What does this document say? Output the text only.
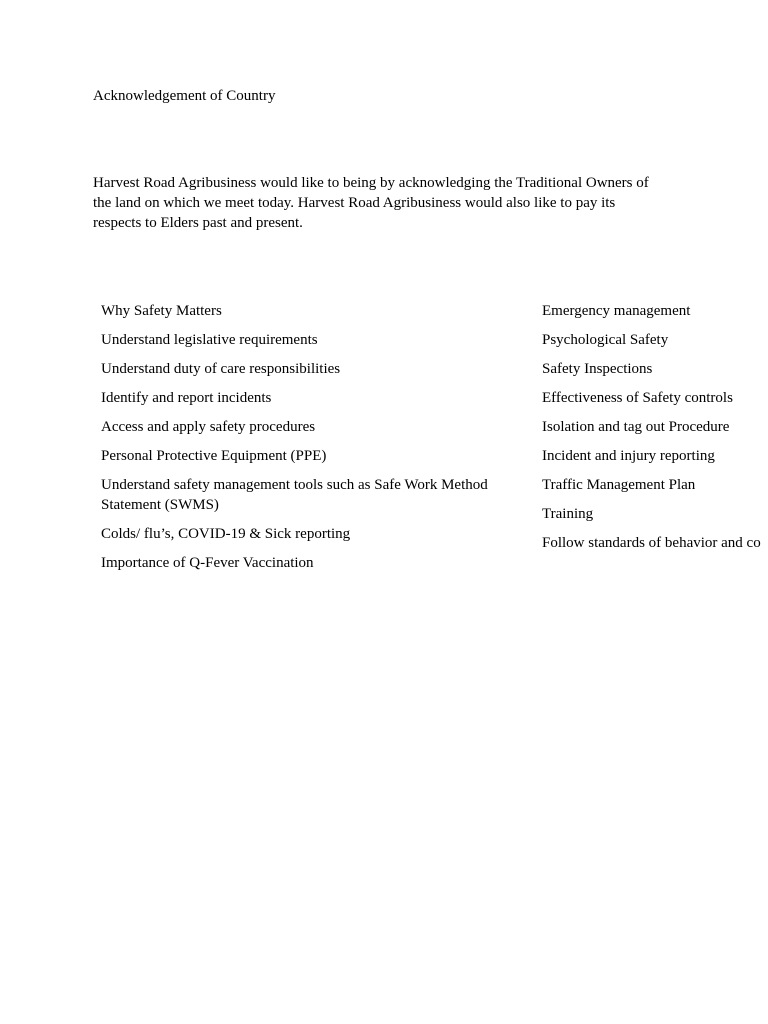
Acknowledgement of Country
Harvest Road Agribusiness would like to being by acknowledging the Traditional Owners of
the land on which we meet today. Harvest Road Agribusiness would also like to pay its
respects to Elders past and present.
Why Safety Matters
Understand legislative requirements
Understand duty of care responsibilities
Identify and report incidents
Access and apply safety procedures
Personal Protective Equipment (PPE)
Understand safety management tools such as Safe Work Method Statement (SWMS)
Colds/ flu’s, COVID-19 & Sick reporting
Importance of Q-Fever Vaccination
Emergency management
Psychological Safety
Safety Inspections
Effectiveness of Safety controls
Isolation and tag out Procedure
Incident and injury reporting
Traffic Management Plan
Training
Follow standards of behavior and co
